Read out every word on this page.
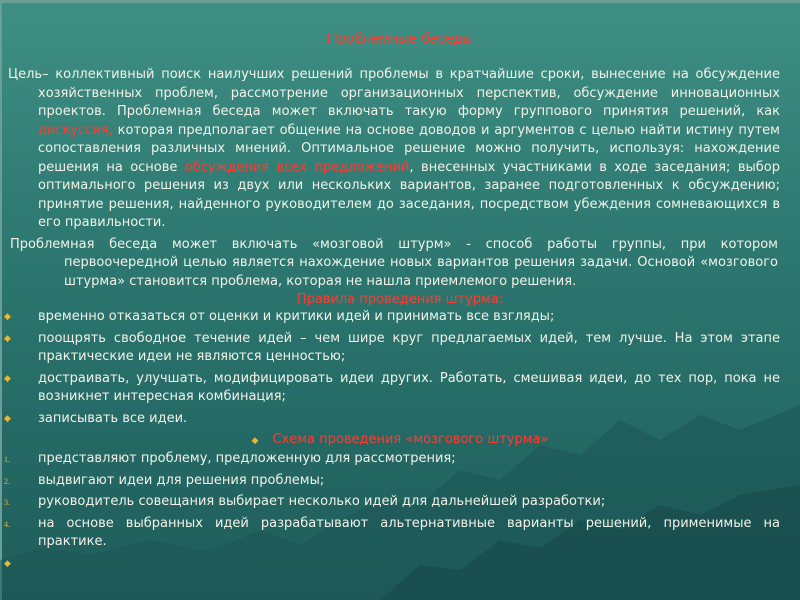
Проблемные беседы

Цель– коллективный поиск наилучших решений проблемы в кратчайшие сроки, вынесение на обсуждение хозяйственных проблем, рассмотрение организационных перспектив, обсуждение инновационных проектов. Проблемная беседа может включать такую форму группового принятия решений, как дискуссия, которая предполагает общение на основе доводов и аргументов с целью найти истину путем сопоставления различных мнений. Оптимальное решение можно получить, используя: нахождение решения на основе обсуждения всех предложений, внесенных участниками в ходе заседания; выбор оптимального решения из двух или нескольких вариантов, заранее подготовленных к обсуждению; принятие решения, найденного руководителем до заседания, посредством убеждения сомневающихся в его правильности.

Проблемная беседа может включать «мозговой штурм» - способ работы группы, при котором первоочередной целью является нахождение новых вариантов решения задачи. Основой «мозгового штурма» становится проблема, которая не нашла приемлемого решения.

Правила проведения штурма:

◆ временно отказаться от оценки и критики идей и принимать все взгляды;
◆ поощрять свободное течение идей – чем шире круг предлагаемых идей, тем лучше. На этом этапе практические идеи не являются ценностью;
◆ достраивать, улучшать, модифицировать идеи других. Работать, смешивая идеи, до тех пор, пока не возникнет интересная комбинация;
◆ записывать все идеи.

◆ Схема проведения «мозгового штурма»

1. представляют проблему, предложенную для рассмотрения;
2. выдвигают идеи для решения проблемы;
3. руководитель совещания выбирает несколько идей для дальнейшей разработки;
4. на основе выбранных идей разрабатывают альтернативные варианты решений, применимые на практике.
◆
